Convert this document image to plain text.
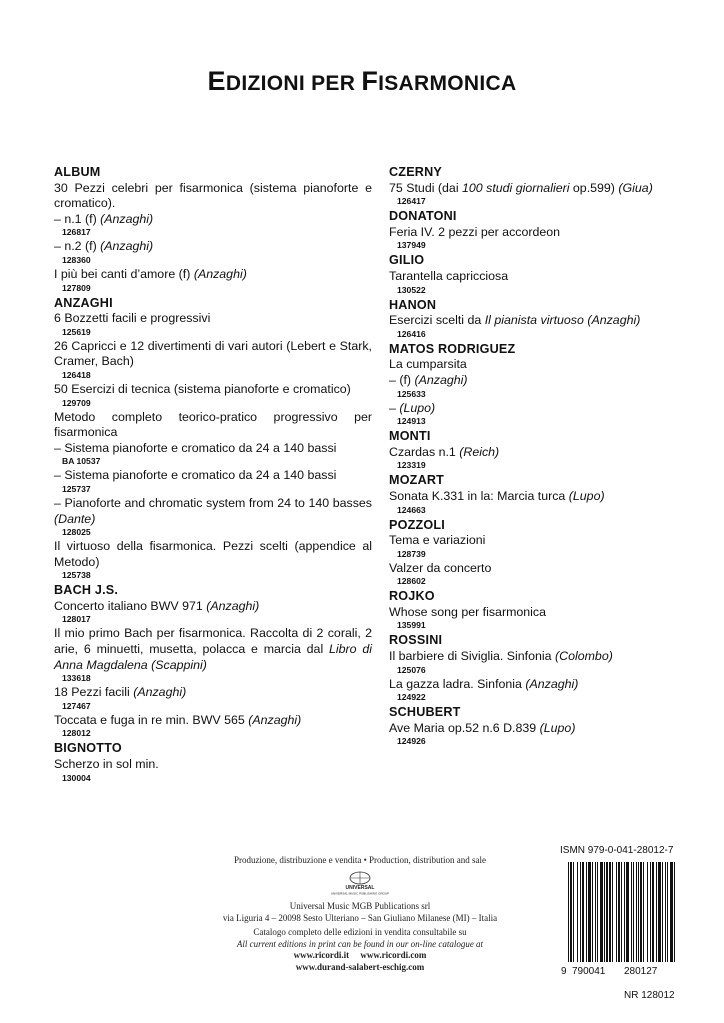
EDIZIONI PER FISARMONICA
ALBUM
30 Pezzi celebri per fisarmonica (sistema pianoforte e cromatico).
– n.1 (f) (Anzaghi)
126817
– n.2 (f) (Anzaghi)
128360
I più bei canti d’amore (f) (Anzaghi)
127809
ANZAGHI
6 Bozzetti facili e progressivi
125619
26 Capricci e 12 divertimenti di vari autori (Lebert e Stark, Cramer, Bach)
126418
50 Esercizi di tecnica (sistema pianoforte e cromatico)
129709
Metodo completo teorico-pratico progressivo per fisarmonica
– Sistema pianoforte e cromatico da 24 a 140 bassi
BA 10537
– Sistema pianoforte e cromatico da 24 a 140 bassi
125737
– Pianoforte and chromatic system from 24 to 140 basses (Dante)
128025
Il virtuoso della fisarmonica. Pezzi scelti (appendice al Metodo)
125738
BACH J.S.
Concerto italiano BWV 971 (Anzaghi)
128017
Il mio primo Bach per fisarmonica. Raccolta di 2 corali, 2 arie, 6 minuetti, musetta, polacca e marcia dal Libro di Anna Magdalena (Scappini)
133618
18 Pezzi facili (Anzaghi)
127467
Toccata e fuga in re min. BWV 565 (Anzaghi)
128012
BIGNOTTO
Scherzo in sol min.
130004
CZERNY
75 Studi (dai 100 studi giornalieri op.599) (Giua)
126417
DONATONI
Feria IV. 2 pezzi per accordeon
137949
GILIO
Tarantella capricciosa
130522
HANON
Esercizi scelti da Il pianista virtuoso (Anzaghi)
126416
MATOS RODRIGUEZ
La cumparsita
– (f) (Anzaghi)
125633
– (Lupo)
124913
MONTI
Czardas n.1 (Reich)
123319
MOZART
Sonata K.331 in la: Marcia turca (Lupo)
124663
POZZOLI
Tema e variazioni
128739
Valzer da concerto
128602
ROJKO
Whose song per fisarmonica
135991
ROSSINI
Il barbiere di Siviglia. Sinfonia (Colombo)
125076
La gazza ladra. Sinfonia (Anzaghi)
124922
SCHUBERT
Ave Maria op.52 n.6 D.839 (Lupo)
124926
Produzione, distribuzione e vendita • Production, distribution and sale
UNIVERSAL
UNIVERSAL MUSIC PUBLISHING GROUP
Universal Music MGB Publications srl
via Liguria 4 – 20098 Sesto Ulteriano – San Giuliano Milanese (MI) – Italia
Catalogo completo delle edizioni in vendita consultabile su
All current editions in print can be found in our on-line catalogue at
www.ricordi.it www.ricordi.com
www.durand-salabert-eschig.com
ISMN 979-0-041-28012-7
9 790041 280127
NR 128012
